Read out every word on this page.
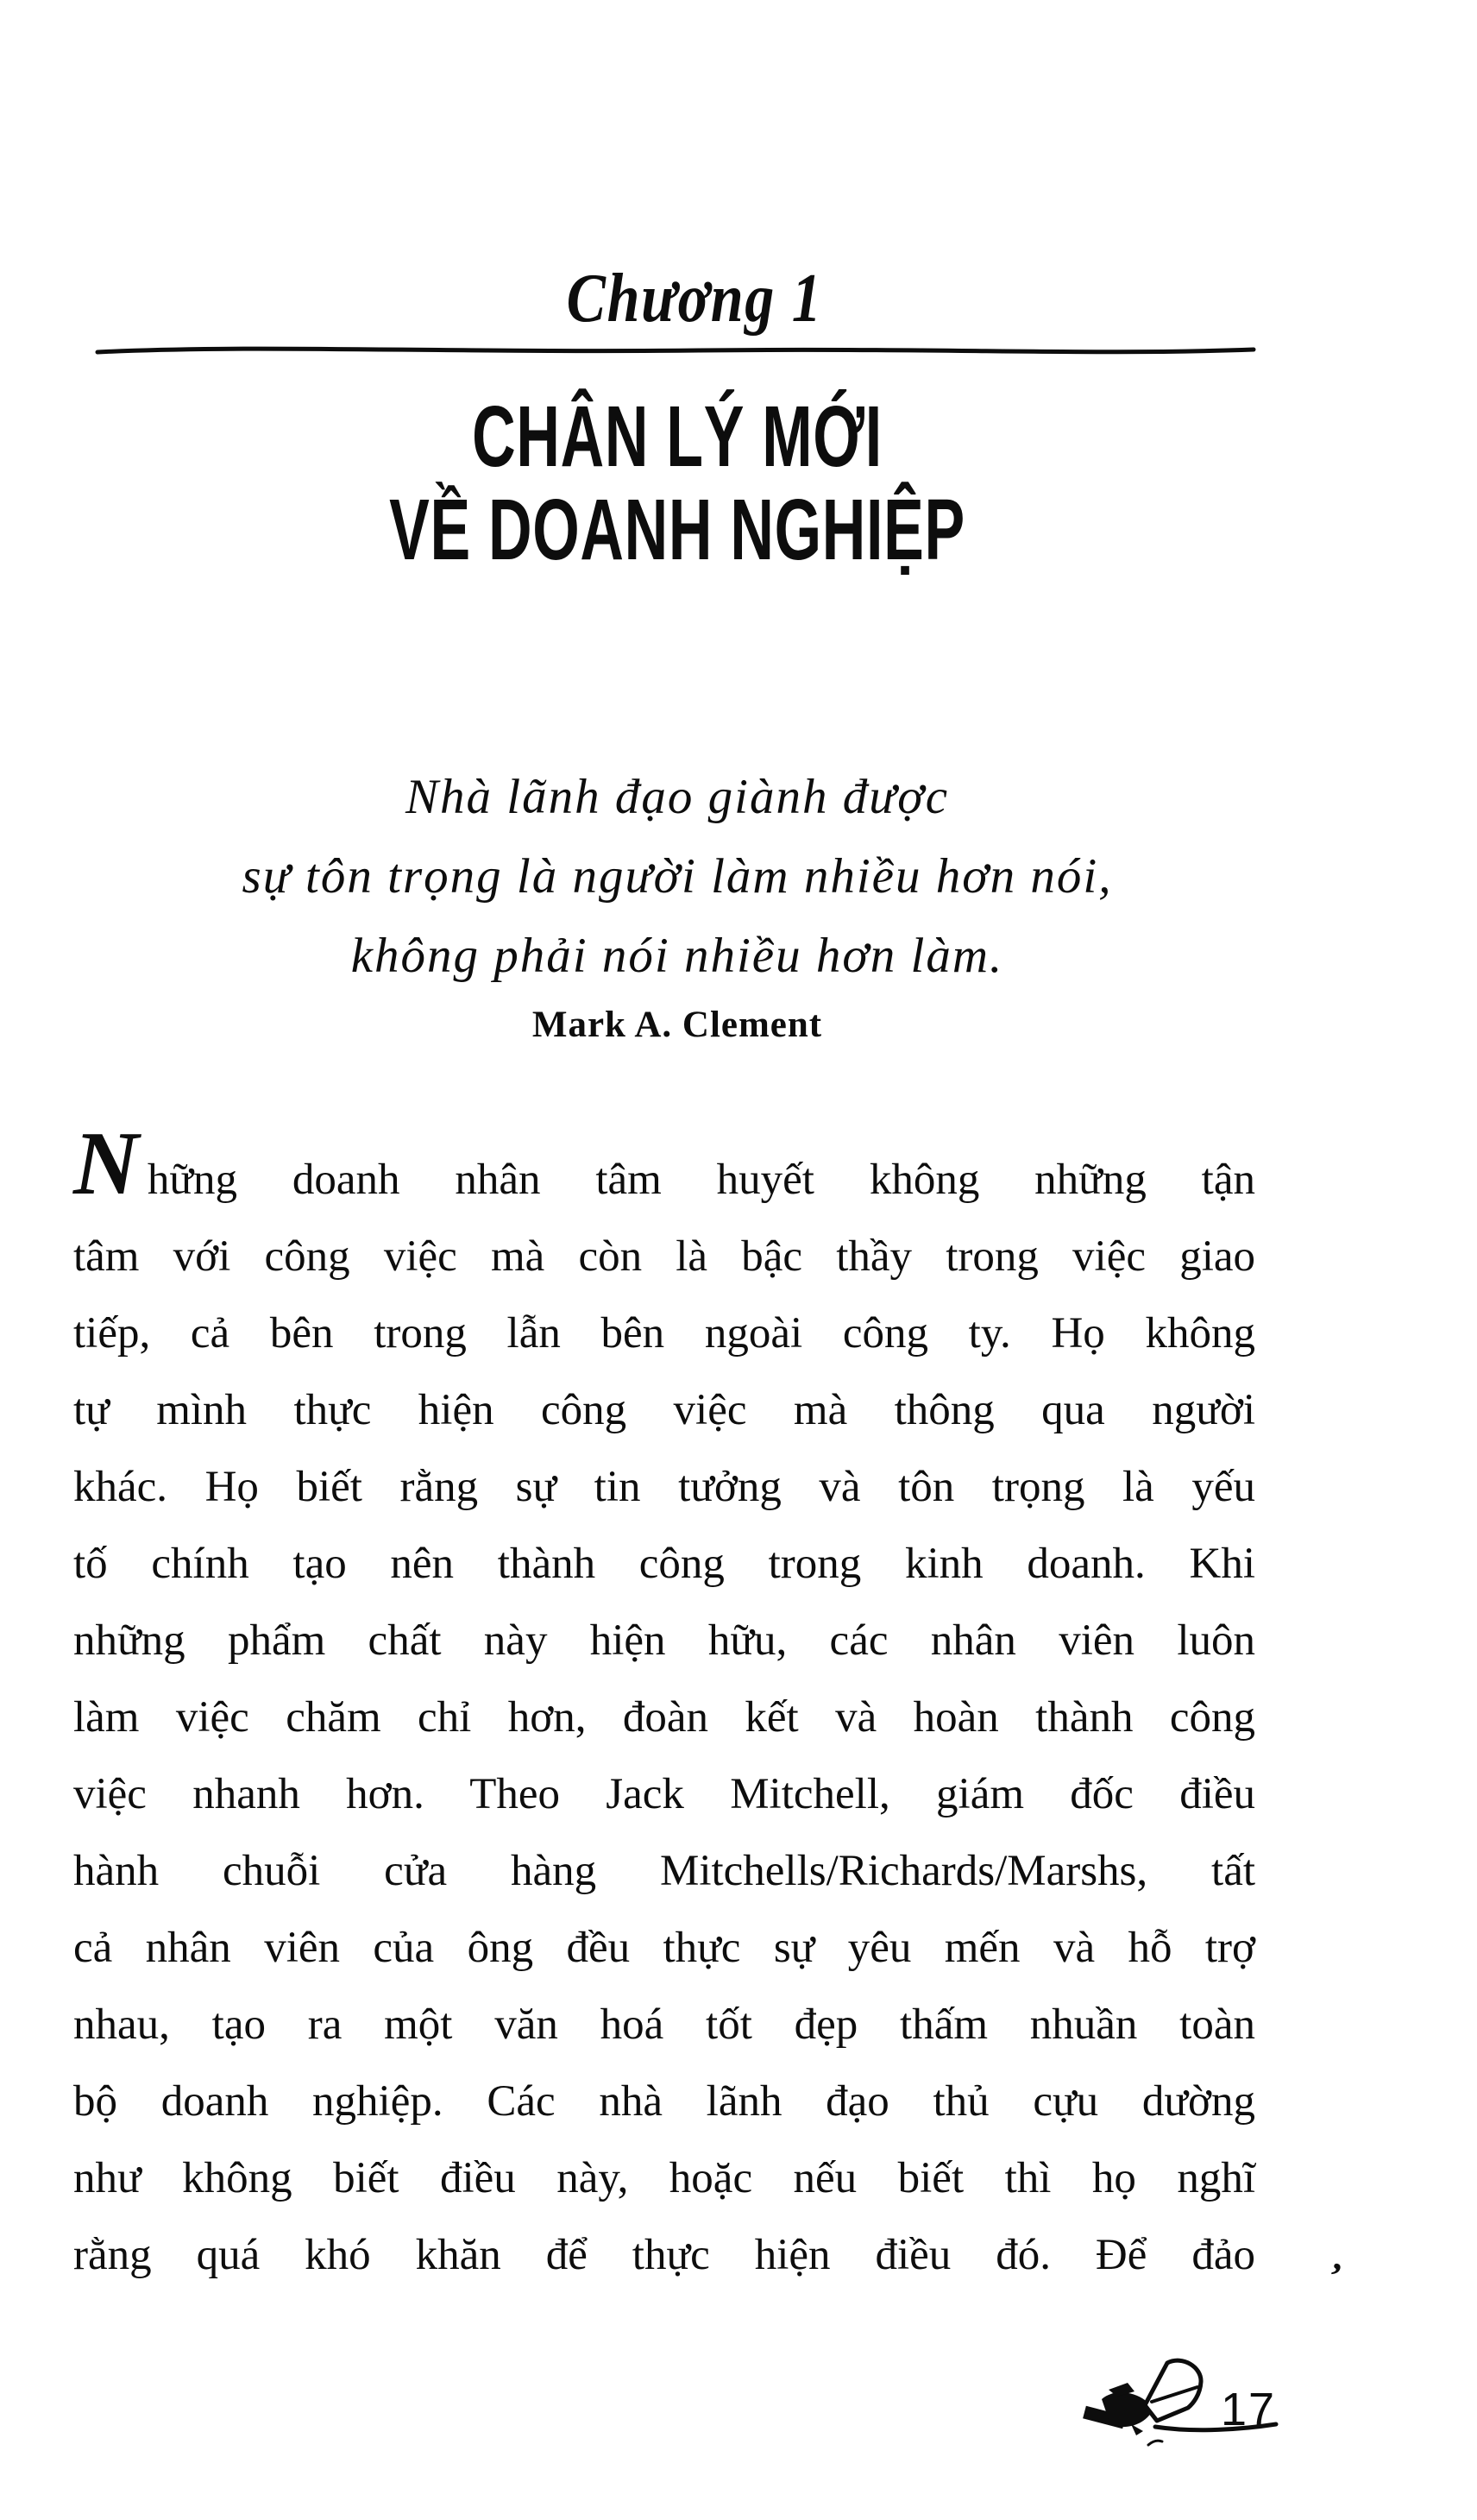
Chương 1
CHÂN LÝ MỚI
VỀ DOANH NGHIỆP
Nhà lãnh đạo giành được
sự tôn trọng là người làm nhiều hơn nói,
không phải nói nhiều hơn làm.
Mark A. Clement
Những doanh nhân tâm huyết không những tận
tâm với công việc mà còn là bậc thầy trong việc giao
tiếp, cả bên trong lẫn bên ngoài công ty. Họ không
tự mình thực hiện công việc mà thông qua người
khác. Họ biết rằng sự tin tưởng và tôn trọng là yếu
tố chính tạo nên thành công trong kinh doanh. Khi
những phẩm chất này hiện hữu, các nhân viên luôn
làm việc chăm chỉ hơn, đoàn kết và hoàn thành công
việc nhanh hơn. Theo Jack Mitchell, giám đốc điều
hành chuỗi cửa hàng Mitchells/Richards/Marshs, tất
cả nhân viên của ông đều thực sự yêu mến và hỗ trợ
nhau, tạo ra một văn hoá tốt đẹp thấm nhuần toàn
bộ doanh nghiệp. Các nhà lãnh đạo thủ cựu dường
như không biết điều này, hoặc nếu biết thì họ nghĩ
rằng quá khó khăn để thực hiện điều đó. Để đảo ’
17
